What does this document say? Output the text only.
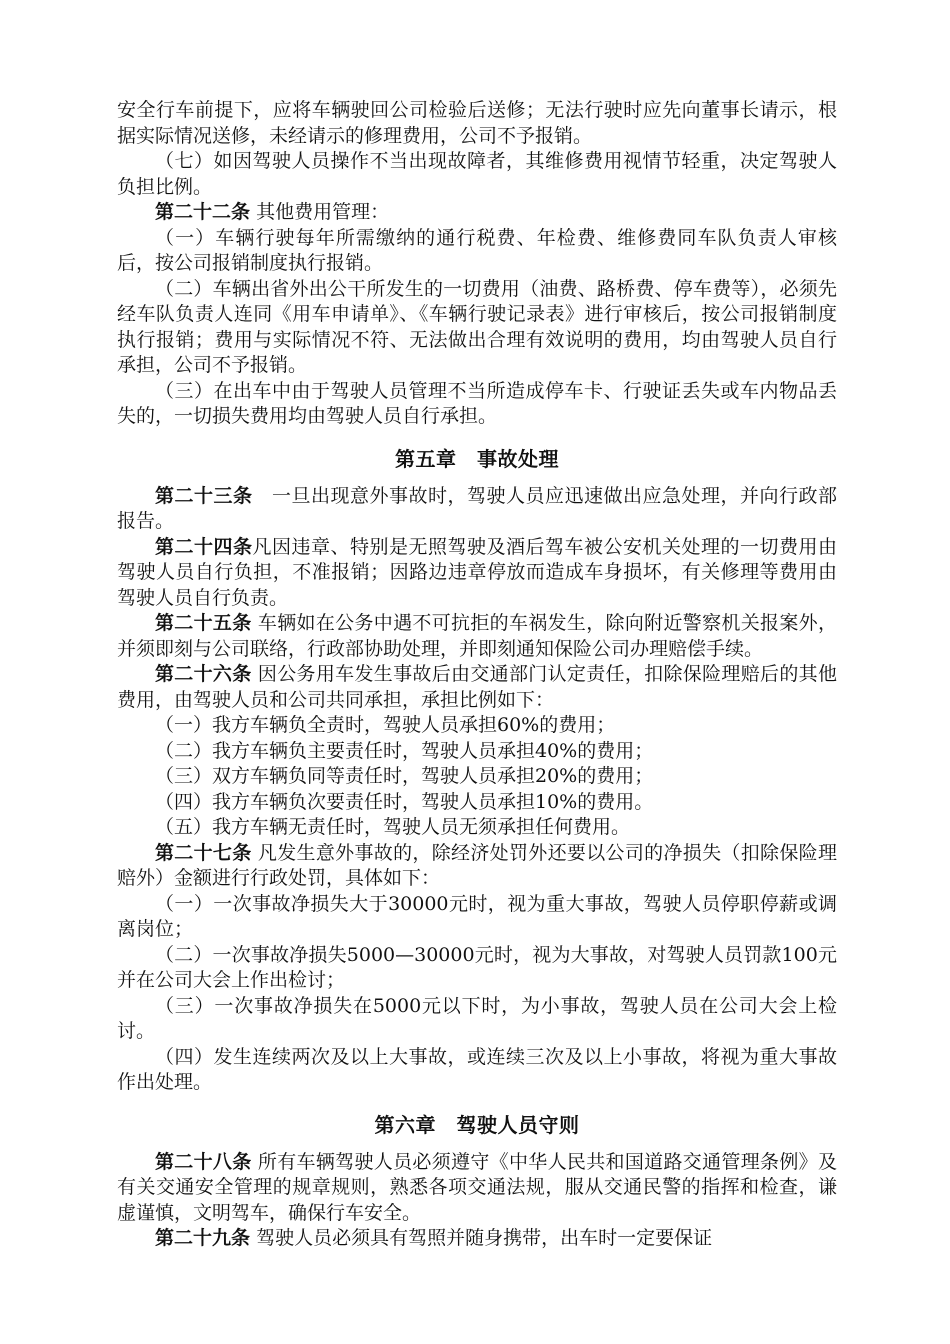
安全行车前提下，应将车辆驶回公司检验后送修；无法行驶时应先向董事长请示，根据实际情况送修，未经请示的修理费用，公司不予报销。

（七）如因驾驶人员操作不当出现故障者，其维修费用视情节轻重，决定驾驶人负担比例。

第二十二条 其他费用管理：

（一）车辆行驶每年所需缴纳的通行税费、年检费、维修费同车队负责人审核后，按公司报销制度执行报销。

（二）车辆出省外出公干所发生的一切费用（油费、路桥费、停车费等），必须先经车队负责人连同《用车申请单》、《车辆行驶记录表》进行审核后，按公司报销制度执行报销；费用与实际情况不符、无法做出合理有效说明的费用，均由驾驶人员自行承担，公司不予报销。

（三）在出车中由于驾驶人员管理不当所造成停车卡、行驶证丢失或车内物品丢失的，一切损失费用均由驾驶人员自行承担。

第五章　事故处理

第二十三条　一旦出现意外事故时，驾驶人员应迅速做出应急处理，并向行政部报告。

第二十四条凡因违章、特别是无照驾驶及酒后驾车被公安机关处理的一切费用由驾驶人员自行负担，不准报销；因路边违章停放而造成车身损坏，有关修理等费用由驾驶人员自行负责。

第二十五条 车辆如在公务中遇不可抗拒的车祸发生，除向附近警察机关报案外，并须即刻与公司联络，行政部协助处理，并即刻通知保险公司办理赔偿手续。

第二十六条 因公务用车发生事故后由交通部门认定责任，扣除保险理赔后的其他费用，由驾驶人员和公司共同承担，承担比例如下：

（一）我方车辆负全责时，驾驶人员承担60%的费用；

（二）我方车辆负主要责任时，驾驶人员承担40%的费用；

（三）双方车辆负同等责任时，驾驶人员承担20%的费用；

（四）我方车辆负次要责任时，驾驶人员承担10%的费用。

（五）我方车辆无责任时，驾驶人员无须承担任何费用。

第二十七条 凡发生意外事故的，除经济处罚外还要以公司的净损失（扣除保险理赔外）金额进行行政处罚，具体如下：

（一）一次事故净损失大于30000元时，视为重大事故，驾驶人员停职停薪或调离岗位；

（二）一次事故净损失5000—30000元时，视为大事故，对驾驶人员罚款100元并在公司大会上作出检讨；

（三）一次事故净损失在5000元以下时，为小事故，驾驶人员在公司大会上检讨。

（四）发生连续两次及以上大事故，或连续三次及以上小事故，将视为重大事故作出处理。

第六章　驾驶人员守则

第二十八条 所有车辆驾驶人员必须遵守《中华人民共和国道路交通管理条例》及有关交通安全管理的规章规则，熟悉各项交通法规，服从交通民警的指挥和检查，谦虚谨慎，文明驾车，确保行车安全。

第二十九条 驾驶人员必须具有驾照并随身携带，出车时一定要保证
